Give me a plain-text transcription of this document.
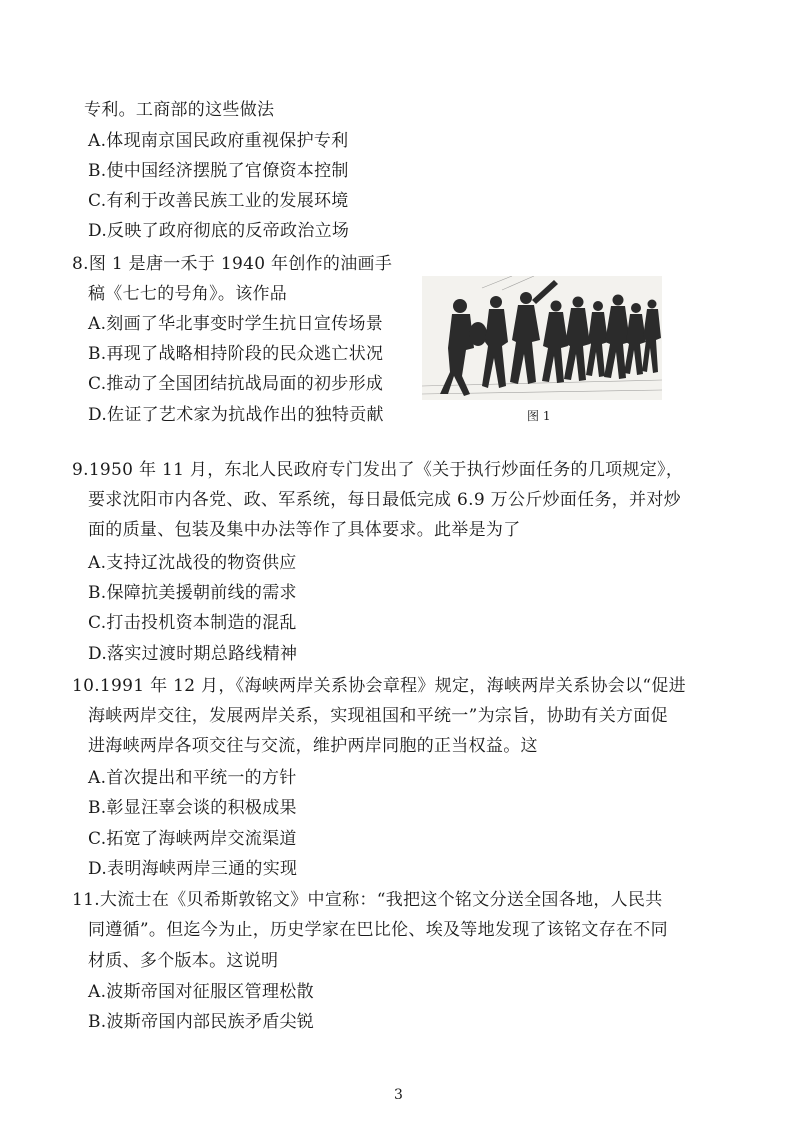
专利。工商部的这些做法
A.体现南京国民政府重视保护专利
B.使中国经济摆脱了官僚资本控制
C.有利于改善民族工业的发展环境
D.反映了政府彻底的反帝政治立场
8.图 1 是唐一禾于 1940 年创作的油画手
稿《七七的号角》。该作品
A.刻画了华北事变时学生抗日宣传场景
B.再现了战略相持阶段的民众逃亡状况
C.推动了全国团结抗战局面的初步形成
D.佐证了艺术家为抗战作出的独特贡献	图 1
9.1950 年 11 月，东北人民政府专门发出了《关于执行炒面任务的几项规定》，
要求沈阳市内各党、政、军系统，每日最低完成 6.9 万公斤炒面任务，并对炒
面的质量、包装及集中办法等作了具体要求。此举是为了
A.支持辽沈战役的物资供应
B.保障抗美援朝前线的需求
C.打击投机资本制造的混乱
D.落实过渡时期总路线精神
10.1991 年 12 月，《海峡两岸关系协会章程》规定，海峡两岸关系协会以“促进
海峡两岸交往，发展两岸关系，实现祖国和平统一”为宗旨，协助有关方面促
进海峡两岸各项交往与交流，维护两岸同胞的正当权益。这
A.首次提出和平统一的方针
B.彰显汪辜会谈的积极成果
C.拓宽了海峡两岸交流渠道
D.表明海峡两岸三通的实现
11.大流士在《贝希斯敦铭文》中宣称：“我把这个铭文分送全国各地，人民共
同遵循”。但迄今为止，历史学家在巴比伦、埃及等地发现了该铭文存在不同
材质、多个版本。这说明
A.波斯帝国对征服区管理松散
B.波斯帝国内部民族矛盾尖锐
3
